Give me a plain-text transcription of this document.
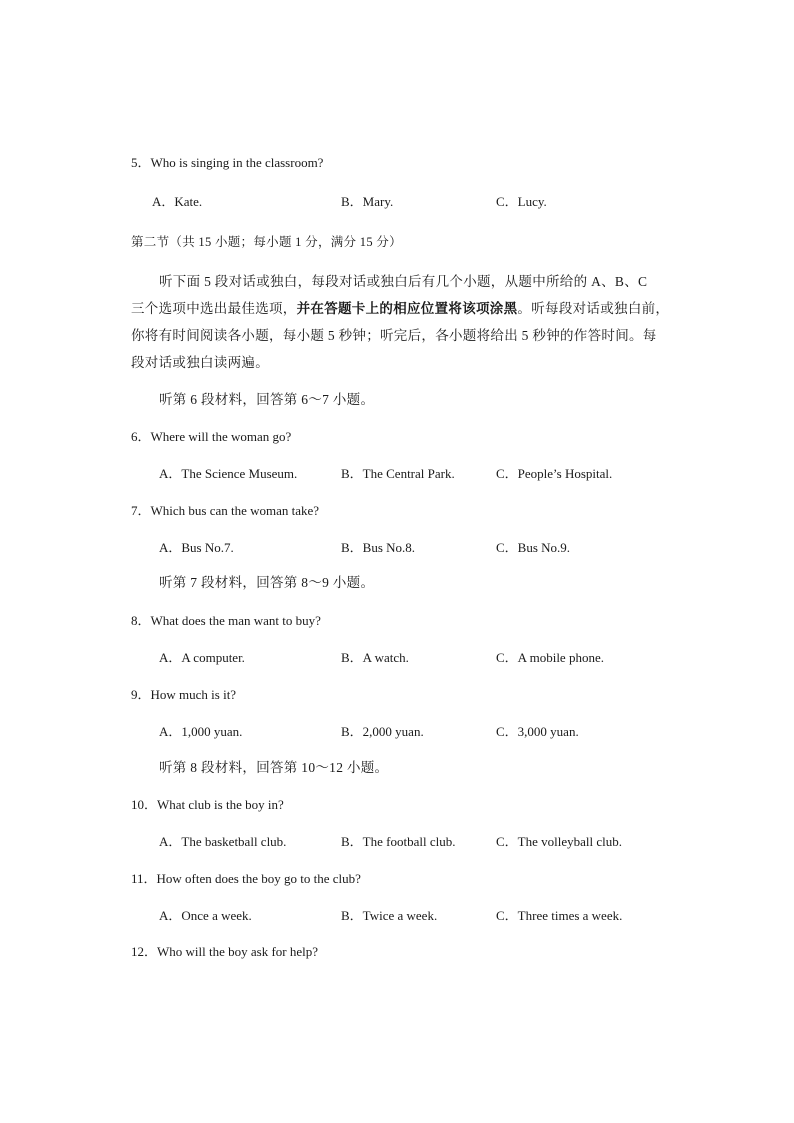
5．Who is singing in the classroom?
A．Kate.	B．Mary.	C．Lucy.
第二节（共 15 小题；每小题 1 分，满分 15 分）
听下面 5 段对话或独白，每段对话或独白后有几个小题，从题中所给的 A、B、C
三个选项中选出最佳选项，并在答题卡上的相应位置将该项涂黑。听每段对话或独白前，
你将有时间阅读各小题，每小题 5 秒钟；听完后，各小题将给出 5 秒钟的作答时间。每
段对话或独白读两遍。
听第 6 段材料，回答第 6～7 小题。
6．Where will the woman go?
A．The Science Museum.	B．The Central Park.	C．People’s Hospital.
7．Which bus can the woman take?
A．Bus No.7.	B．Bus No.8.	C．Bus No.9.
听第 7 段材料，回答第 8～9 小题。
8．What does the man want to buy?
A．A computer.	B．A watch.	C．A mobile phone.
9．How much is it?
A．1,000 yuan.	B．2,000 yuan.	C．3,000 yuan.
听第 8 段材料，回答第 10～12 小题。
10．What club is the boy in?
A．The basketball club.	B．The football club.	C．The volleyball club.
11．How often does the boy go to the club?
A．Once a week.	B．Twice a week.	C．Three times a week.
12．Who will the boy ask for help?
